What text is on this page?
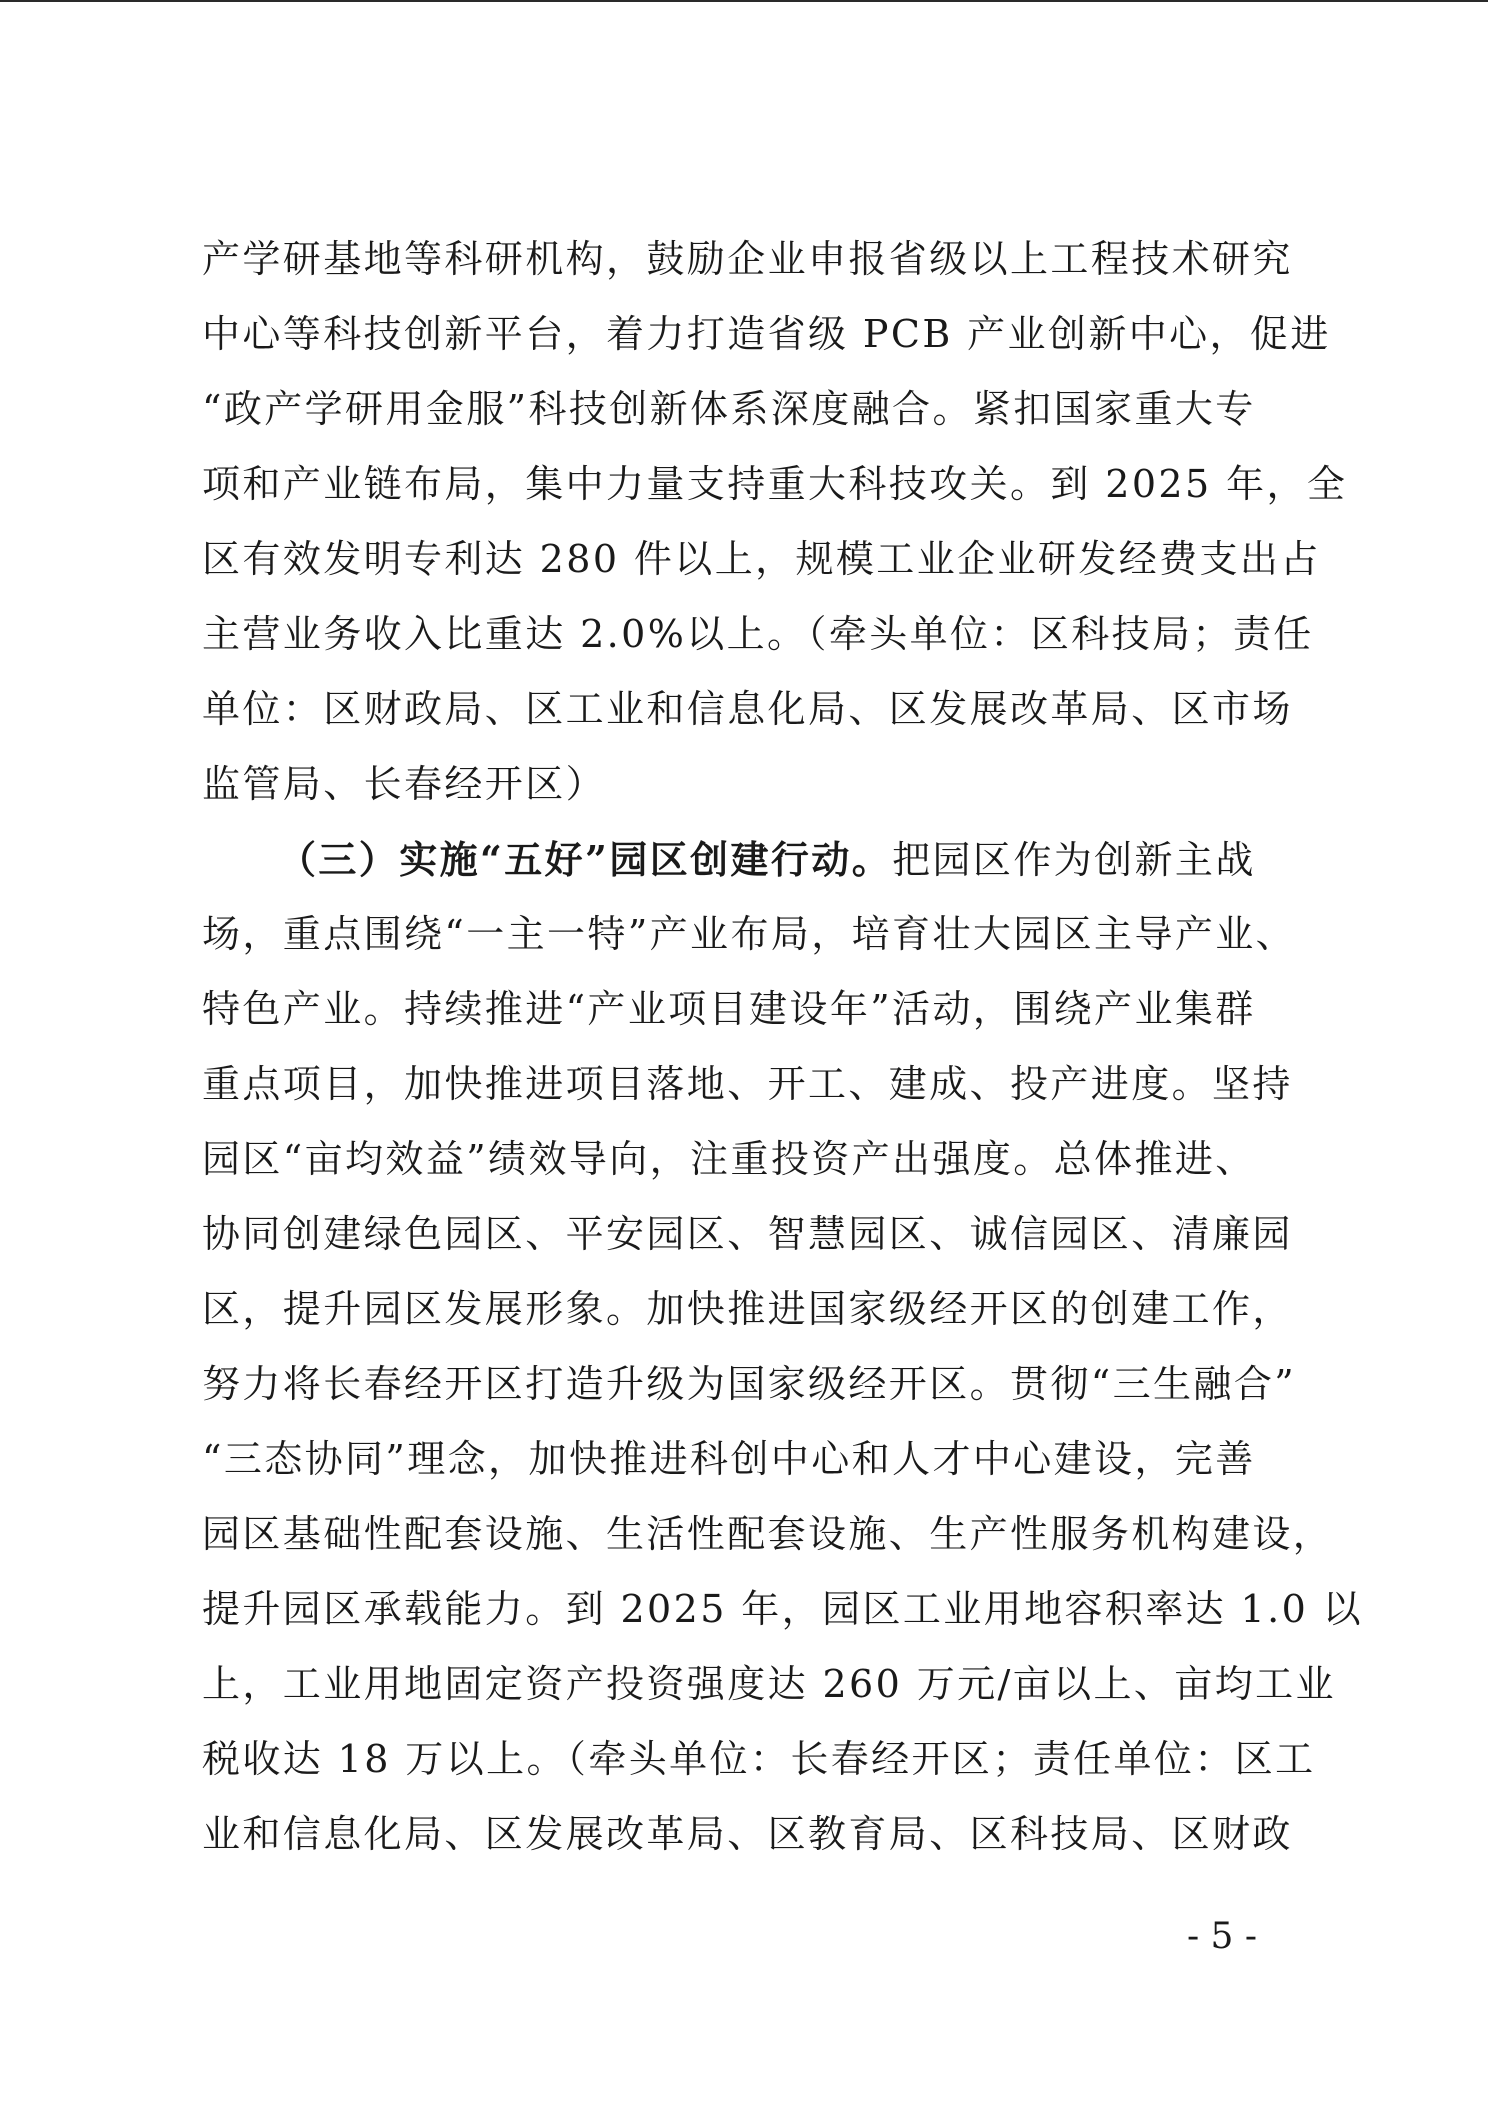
产学研基地等科研机构，鼓励企业申报省级以上工程技术研究
中心等科技创新平台，着力打造省级 PCB 产业创新中心，促进
“政产学研用金服”科技创新体系深度融合。紧扣国家重大专
项和产业链布局，集中力量支持重大科技攻关。到 2025 年，全
区有效发明专利达 280 件以上，规模工业企业研发经费支出占
主营业务收入比重达 2.0%以上。（牵头单位：区科技局；责任
单位：区财政局、区工业和信息化局、区发展改革局、区市场
监管局、长春经开区）
（三）实施“五好”园区创建行动。把园区作为创新主战
场，重点围绕“一主一特”产业布局，培育壮大园区主导产业、
特色产业。持续推进“产业项目建设年”活动，围绕产业集群
重点项目，加快推进项目落地、开工、建成、投产进度。坚持
园区“亩均效益”绩效导向，注重投资产出强度。总体推进、
协同创建绿色园区、平安园区、智慧园区、诚信园区、清廉园
区，提升园区发展形象。加快推进国家级经开区的创建工作，
努力将长春经开区打造升级为国家级经开区。贯彻“三生融合”
“三态协同”理念，加快推进科创中心和人才中心建设，完善
园区基础性配套设施、生活性配套设施、生产性服务机构建设，
提升园区承载能力。到 2025 年，园区工业用地容积率达 1.0 以
上，工业用地固定资产投资强度达 260 万元/亩以上、亩均工业
税收达 18 万以上。（牵头单位：长春经开区；责任单位：区工
业和信息化局、区发展改革局、区教育局、区科技局、区财政
- 5 -
